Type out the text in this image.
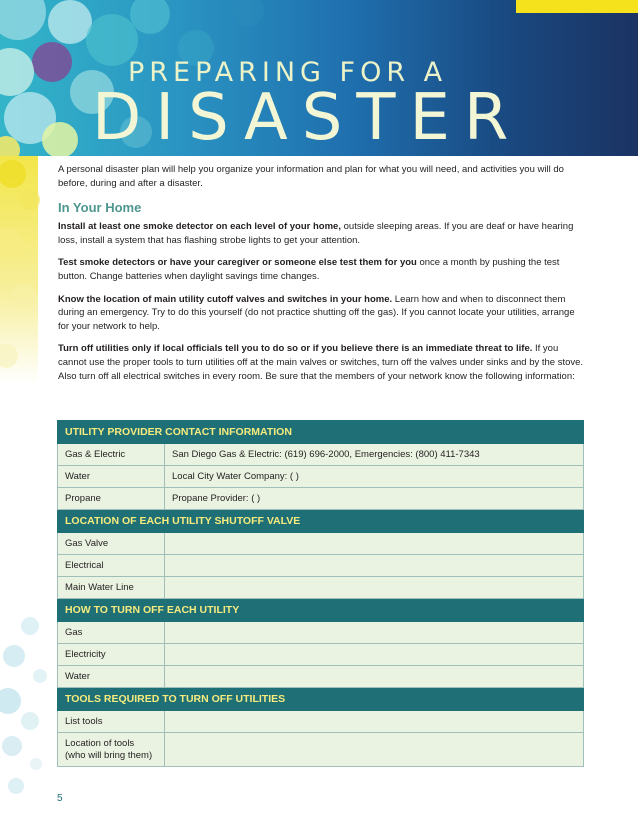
PREPARING FOR A
DISASTER

A personal disaster plan will help you organize your information and plan for what you will need, and activities you will do before, during and after a disaster.

In Your Home

Install at least one smoke detector on each level of your home, outside sleeping areas. If you are deaf or have hearing loss, install a system that has flashing strobe lights to get your attention.

Test smoke detectors or have your caregiver or someone else test them for you once a month by pushing the test button. Change batteries when daylight savings time changes.

Know the location of main utility cutoff valves and switches in your home. Learn how and when to disconnect them during an emergency. Try to do this yourself (do not practice shutting off the gas). If you cannot locate your utilities, arrange for your network to help.

Turn off utilities only if local officials tell you to do so or if you believe there is an immediate threat to life. If you cannot use the proper tools to turn utilities off at the main valves or switches, turn off the valves under sinks and by the stove. Also turn off all electrical switches in every room. Be sure that the members of your network know the following information:

UTILITY PROVIDER CONTACT INFORMATION	
Gas & Electric	San Diego Gas & Electric: (619) 696-2000, Emergencies: (800) 411-7343
Water	Local City Water Company: ( )
Propane	Propane Provider: ( )
LOCATION OF EACH UTILITY SHUTOFF VALVE	
Gas Valve	
Electrical	
Main Water Line	
HOW TO TURN OFF EACH UTILITY	
Gas	
Electricity	
Water	
TOOLS REQUIRED TO TURN OFF UTILITIES	
List tools	
Location of tools
(who will bring them)	
5
